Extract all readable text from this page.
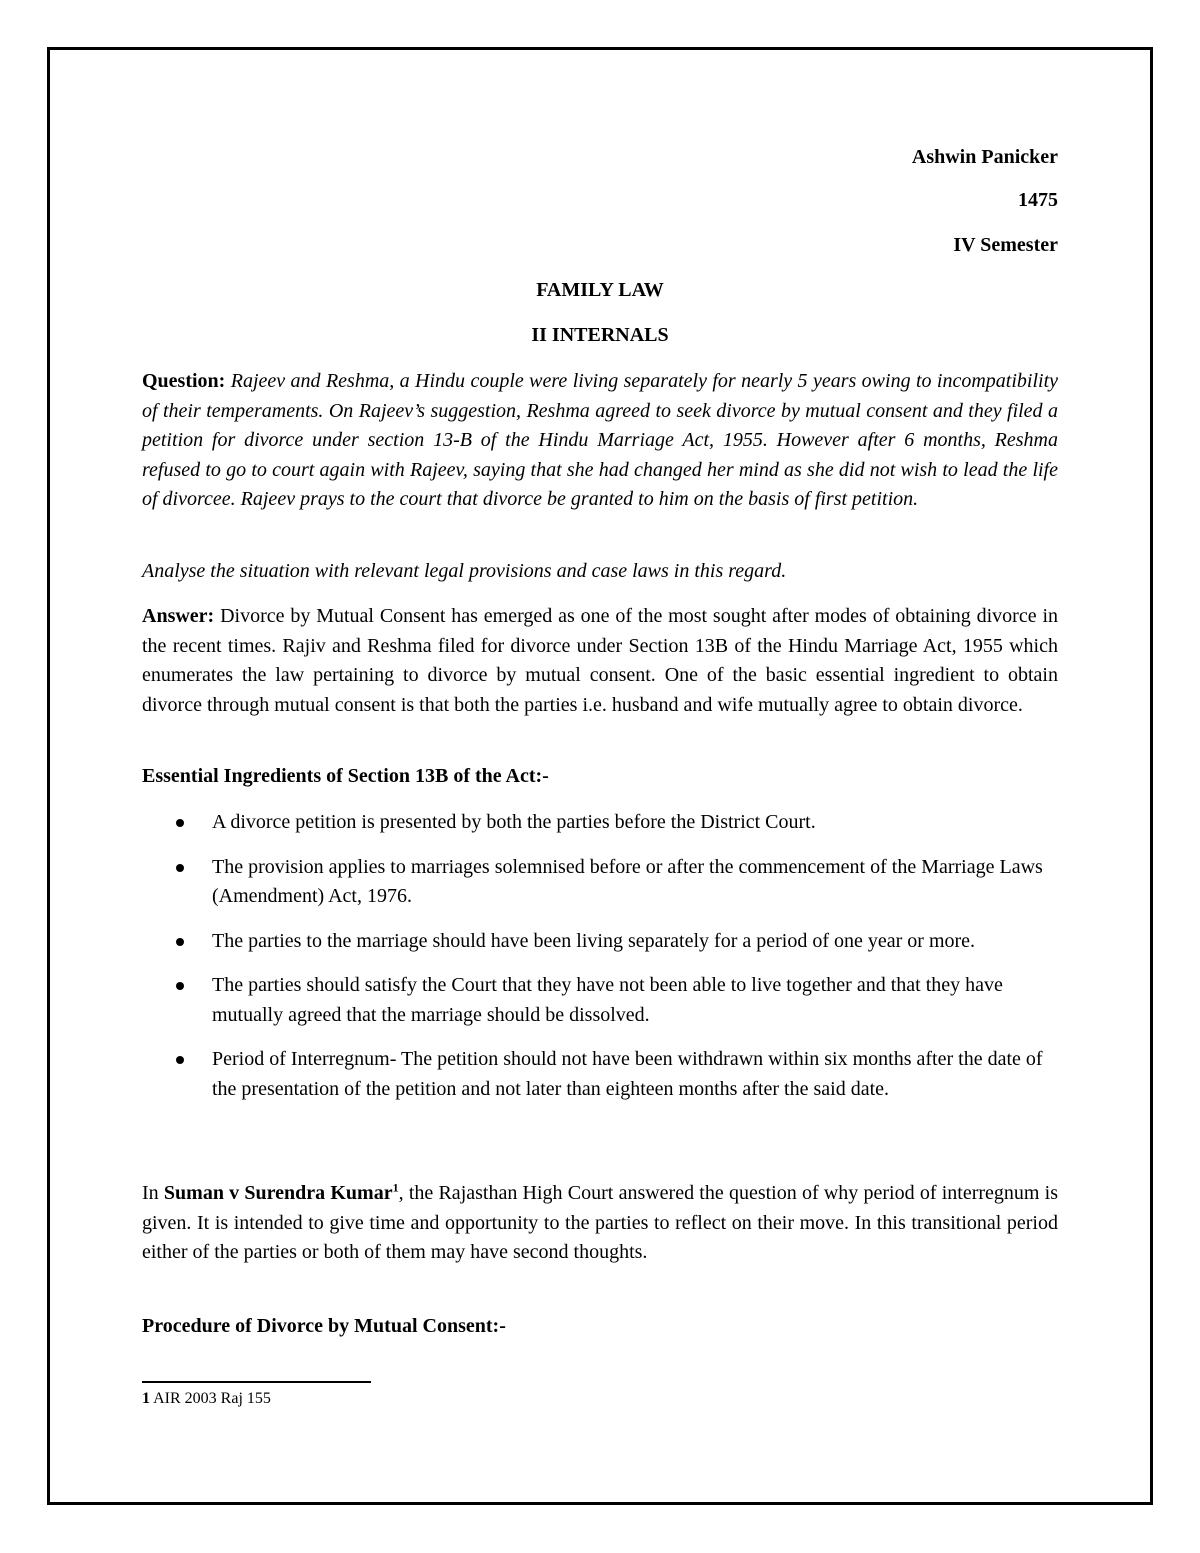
Ashwin Panicker
1475
IV Semester
FAMILY LAW
II INTERNALS
Question: Rajeev and Reshma, a Hindu couple were living separately for nearly 5 years owing to incompatibility of their temperaments. On Rajeev’s suggestion, Reshma agreed to seek divorce by mutual consent and they filed a petition for divorce under section 13-B of the Hindu Marriage Act, 1955. However after 6 months, Reshma refused to go to court again with Rajeev, saying that she had changed her mind as she did not wish to lead the life of divorcee. Rajeev prays to the court that divorce be granted to him on the basis of first petition.
Analyse the situation with relevant legal provisions and case laws in this regard.
Answer: Divorce by Mutual Consent has emerged as one of the most sought after modes of obtaining divorce in the recent times. Rajiv and Reshma filed for divorce under Section 13B of the Hindu Marriage Act, 1955 which enumerates the law pertaining to divorce by mutual consent. One of the basic essential ingredient to obtain divorce through mutual consent is that both the parties i.e. husband and wife mutually agree to obtain divorce.
Essential Ingredients of Section 13B of the Act:-
A divorce petition is presented by both the parties before the District Court.
The provision applies to marriages solemnised before or after the commencement of the Marriage Laws (Amendment) Act, 1976.
The parties to the marriage should have been living separately for a period of one year or more.
The parties should satisfy the Court that they have not been able to live together and that they have mutually agreed that the marriage should be dissolved.
Period of Interregnum- The petition should not have been withdrawn within six months after the date of the presentation of the petition and not later than eighteen months after the said date.
In Suman v Surendra Kumar$^1$, the Rajasthan High Court answered the question of why period of interregnum is given. It is intended to give time and opportunity to the parties to reflect on their move. In this transitional period either of the parties or both of them may have second thoughts.
Procedure of Divorce by Mutual Consent:-
1 AIR 2003 Raj 155
